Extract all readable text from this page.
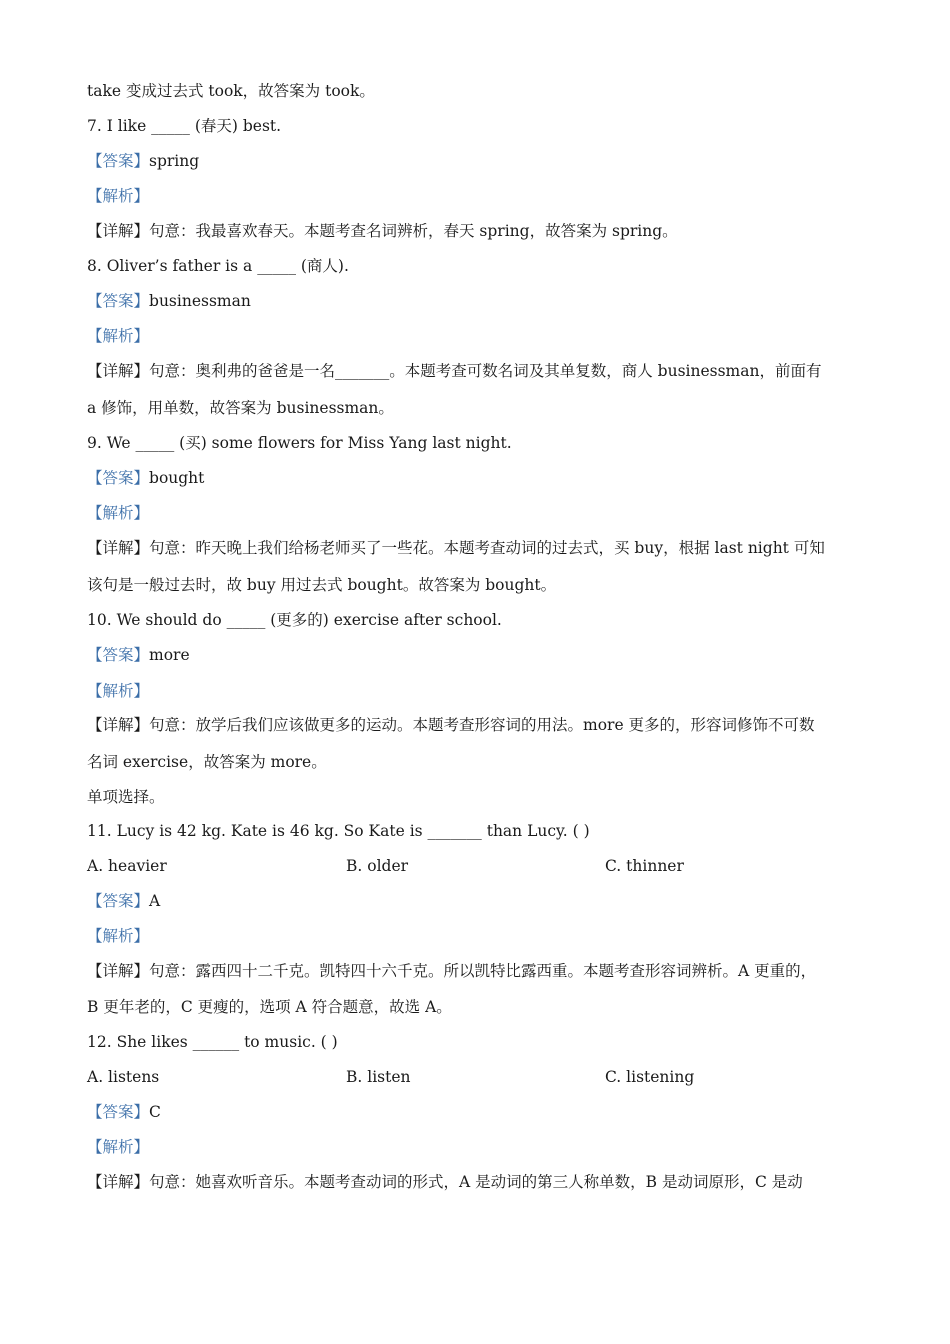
take 变成过去式 took，故答案为 took。
7. I like _____ (春天) best.
【答案】spring
【解析】
【详解】句意：我最喜欢春天。本题考查名词辨析，春天 spring，故答案为 spring。
8. Oliver’s father is a _____ (商人).
【答案】businessman
【解析】
【详解】句意：奥利弗的爸爸是一名_______。本题考查可数名词及其单复数，商人 businessman，前面有
a 修饰，用单数，故答案为 businessman。
9. We _____ (买) some flowers for Miss Yang last night.
【答案】bought
【解析】
【详解】句意：昨天晚上我们给杨老师买了一些花。本题考查动词的过去式，买 buy，根据 last night 可知
该句是一般过去时，故 buy 用过去式 bought。故答案为 bought。
10. We should do _____ (更多的) exercise after school.
【答案】more
【解析】
【详解】句意：放学后我们应该做更多的运动。本题考查形容词的用法。more 更多的，形容词修饰不可数
名词 exercise，故答案为 more。
单项选择。
11. Lucy is 42 kg. Kate is 46 kg. So Kate is _______ than Lucy. ( )
A. heavier	B. older	C. thinner
【答案】A
【解析】
【详解】句意：露西四十二千克。凯特四十六千克。所以凯特比露西重。本题考查形容词辨析。A 更重的，
B 更年老的，C 更瘦的，选项 A 符合题意，故选 A。
12. She likes ______ to music. ( )
A. listens	B. listen	C. listening
【答案】C
【解析】
【详解】句意：她喜欢听音乐。本题考查动词的形式，A 是动词的第三人称单数，B 是动词原形，C 是动
